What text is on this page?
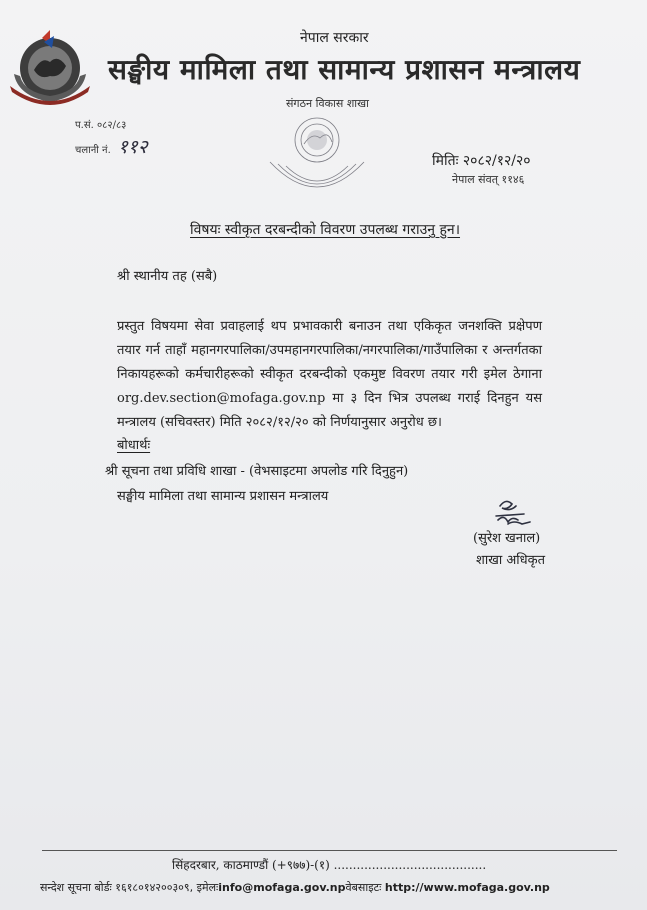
नेपाल सरकार
सङ्घीय मामिला तथा सामान्य प्रशासन मन्त्रालय
संगठन विकास शाखा
प.सं. ०८२/८३
चलानी नं. ११२
मितिः २०८२/१२/२०
नेपाल संवत् ११४६
विषयः स्वीकृत दरबन्दीको विवरण उपलब्ध गराउनु हुन।
श्री स्थानीय तह (सबै)
प्रस्तुत विषयमा सेवा प्रवाहलाई थप प्रभावकारी बनाउन तथा एकिकृत जनशक्ति प्रक्षेपण तयार गर्न ताहाँ महानगरपालिका/उपमहानगरपालिका/नगरपालिका/गाउँपालिका र अन्तर्गतका निकायहरूको कर्मचारीहरूको स्वीकृत दरबन्दीको एकमुष्ट विवरण तयार गरी इमेल ठेगाना org.dev.section@mofaga.gov.np मा ३ दिन भित्र उपलब्ध गराई दिनहुन यस मन्त्रालय (सचिवस्तर) मिति २०८२/१२/२० को निर्णयानुसार अनुरोध छ।
बोधार्थः
श्री सूचना तथा प्रविधि शाखा - (वेभसाइटमा अपलोड गरि दिनुहुन)
सङ्घीय मामिला तथा सामान्य प्रशासन मन्त्रालय
(सुरेश खनाल)
शाखा अधिकृत
सिंहदरबार, काठमाण्डौं (+९७७)-(१) ........................................
सन्देश सूचना बोर्डः १६१८०१४२००३०९, इमेलःinfo@mofaga.gov.npवेबसाइटः http://www.mofaga.gov.np
